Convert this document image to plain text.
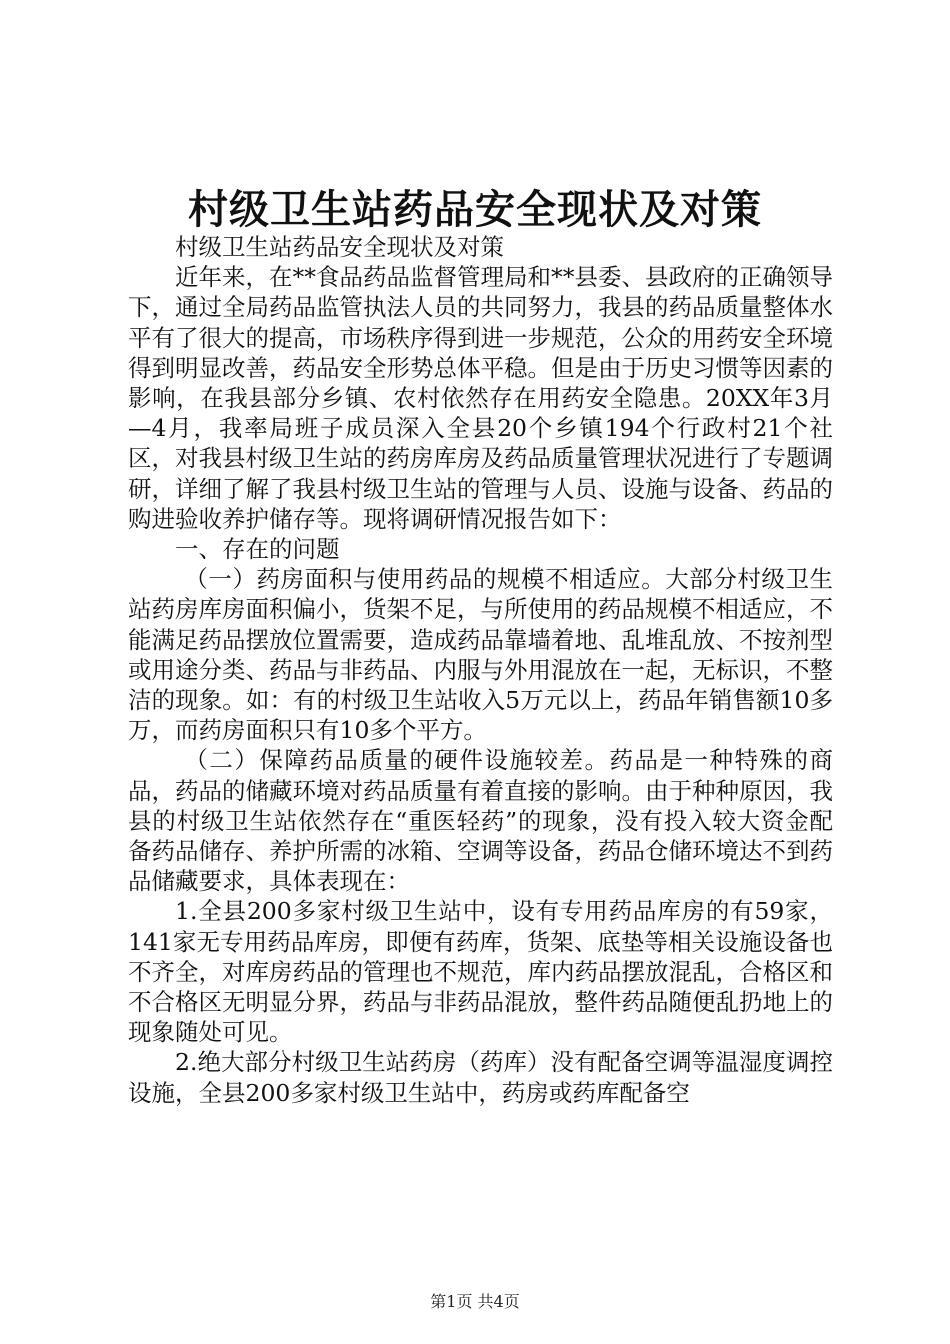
村级卫生站药品安全现状及对策

村级卫生站药品安全现状及对策

近年来，在**食品药品监督管理局和**县委、县政府的正确领导下，通过全局药品监管执法人员的共同努力，我县的药品质量整体水平有了很大的提高，市场秩序得到进一步规范，公众的用药安全环境得到明显改善，药品安全形势总体平稳。但是由于历史习惯等因素的影响，在我县部分乡镇、农村依然存在用药安全隐患。20XX年3月—4月，我率局班子成员深入全县20个乡镇194个行政村21个社区，对我县村级卫生站的药房库房及药品质量管理状况进行了专题调研，详细了解了我县村级卫生站的管理与人员、设施与设备、药品的购进验收养护储存等。现将调研情况报告如下：

一、存在的问题

（一）药房面积与使用药品的规模不相适应。大部分村级卫生站药房库房面积偏小，货架不足，与所使用的药品规模不相适应，不能满足药品摆放位置需要，造成药品靠墙着地、乱堆乱放、不按剂型或用途分类、药品与非药品、内服与外用混放在一起，无标识，不整洁的现象。如：有的村级卫生站收入5万元以上，药品年销售额10多万，而药房面积只有10多个平方。

（二）保障药品质量的硬件设施较差。药品是一种特殊的商品，药品的储藏环境对药品质量有着直接的影响。由于种种原因，我县的村级卫生站依然存在“重医轻药”的现象，没有投入较大资金配备药品储存、养护所需的冰箱、空调等设备，药品仓储环境达不到药品储藏要求，具体表现在：

1.全县200多家村级卫生站中，设有专用药品库房的有59家，141家无专用药品库房，即便有药库，货架、底垫等相关设施设备也不齐全，对库房药品的管理也不规范，库内药品摆放混乱，合格区和不合格区无明显分界，药品与非药品混放，整件药品随便乱扔地上的现象随处可见。

2.绝大部分村级卫生站药房（药库）没有配备空调等温湿度调控设施，全县200多家村级卫生站中，药房或药库配备空

第1页 共4页
